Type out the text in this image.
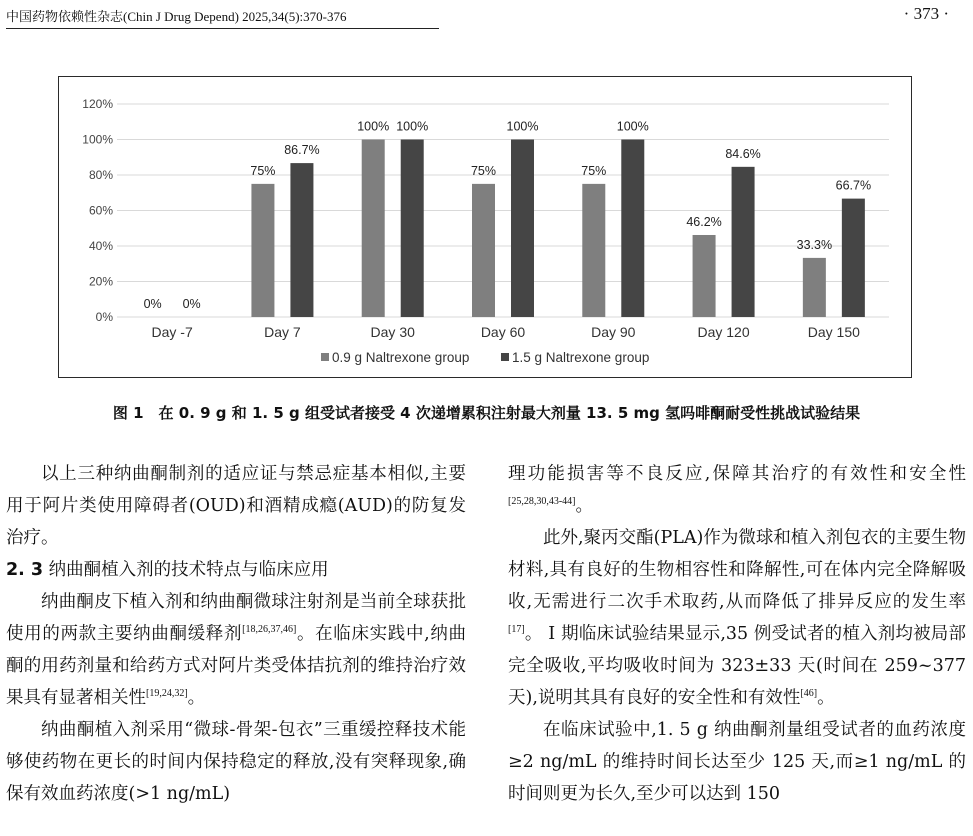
中国药物依赖性杂志(Chin J Drug Depend) 2025,34(5):370-376	· 373 ·
0%
20%
40%
60%
80%
100%
120%
0% 0%
Day -7
75%
86.7%
Day 7
100% 100%
Day 30
75%
100%
Day 60
75%
100%
Day 90
46.2%
84.6%
Day 120
33.3%
66.7%
Day 150
0.9 g Naltrexone group	1.5 g Naltrexone group
图 1　在 0. 9 g 和 1. 5 g 组受试者接受 4 次递增累积注射最大剂量 13. 5 mg 氢吗啡酮耐受性挑战试验结果

以上三种纳曲酮制剂的适应证与禁忌症基本相似,主要用于阿片类使用障碍者(OUD)和酒精成瘾(AUD)的防复发治疗。

2. 3 纳曲酮植入剂的技术特点与临床应用

纳曲酮皮下植入剂和纳曲酮微球注射剂是当前全球获批使用的两款主要纳曲酮缓释剂[18,26,37,46]。在临床实践中,纳曲酮的用药剂量和给药方式对阿片类受体拮抗剂的维持治疗效果具有显著相关性[19,24,32]。

纳曲酮植入剂采用“微球-骨架-包衣”三重缓控释技术能够使药物在更长的时间内保持稳定的释放,没有突释现象,确保有效血药浓度(>1 ng/mL)

理功能损害等不良反应,保障其治疗的有效性和安全性[25,28,30,43-44]。

此外,聚丙交酯(PLA)作为微球和植入剂包衣的主要生物材料,具有良好的生物相容性和降解性,可在体内完全降解吸收,无需进行二次手术取药,从而降低了排异反应的发生率[17]。 Ⅰ 期临床试验结果显示,35 例受试者的植入剂均被局部完全吸收,平均吸收时间为 323±33 天(时间在 259~377 天),说明其具有良好的安全性和有效性[46]。

在临床试验中,1. 5 g 纳曲酮剂量组受试者的血药浓度≥2 ng/mL 的维持时间长达至少 125 天,而≥1 ng/mL 的时间则更为长久,至少可以达到 150
